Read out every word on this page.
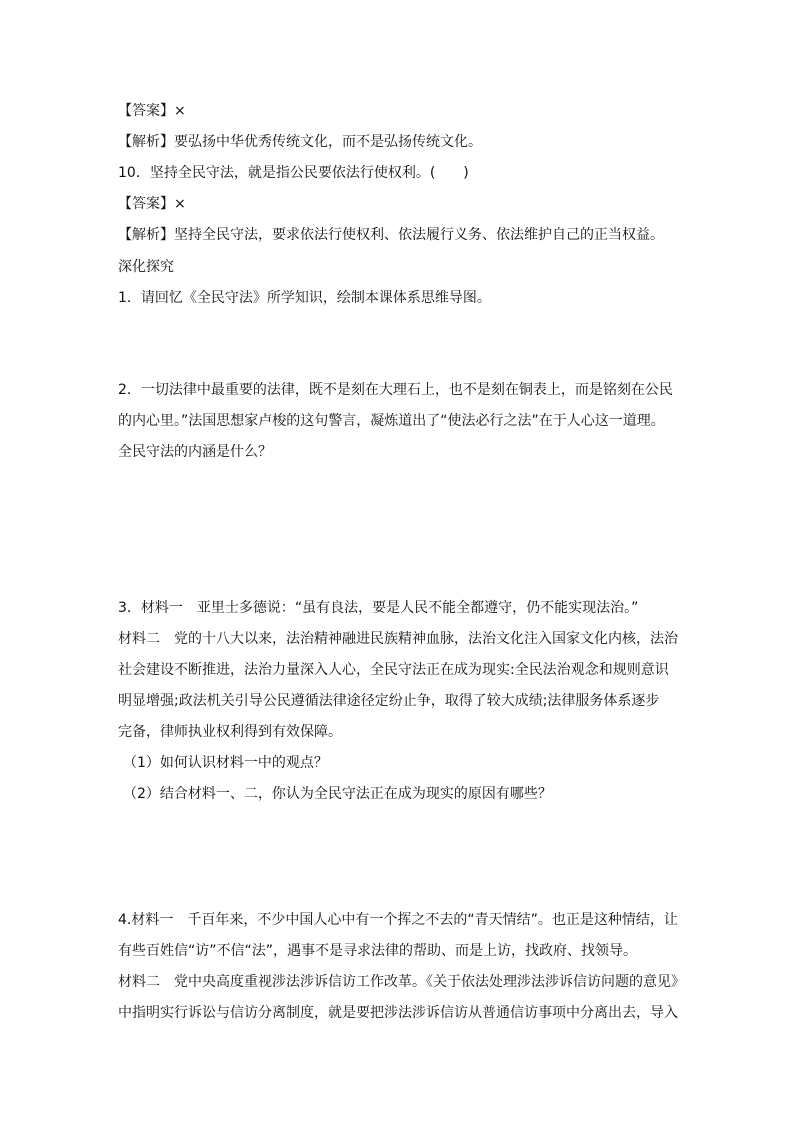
【答案】×

【解析】要弘扬中华优秀传统文化，而不是弘扬传统文化。

10．坚持全民守法，就是指公民要依法行使权利。(　　)

【答案】×

【解析】坚持全民守法，要求依法行使权利、依法履行义务、依法维护自己的正当权益。

深化探究

1．请回忆《全民守法》所学知识，绘制本课体系思维导图。

2．一切法律中最重要的法律，既不是刻在大理石上，也不是刻在铜表上，而是铭刻在公民

的内心里。”法国思想家卢梭的这句警言，凝炼道出了“使法必行之法”在于人心这一道理。

全民守法的内涵是什么？

3．材料一　亚里士多德说：“虽有良法，要是人民不能全都遵守，仍不能实现法治。”

材料二　党的十八大以来，法治精神融进民族精神血脉，法治文化注入国家文化内核，法治

社会建设不断推进，法治力量深入人心，全民守法正在成为现实:全民法治观念和规则意识

明显增强;政法机关引导公民遵循法律途径定纷止争，取得了较大成绩;法律服务体系逐步

完备，律师执业权利得到有效保障。

（1）如何认识材料一中的观点？

（2）结合材料一、二，你认为全民守法正在成为现实的原因有哪些？

4.材料一　千百年来，不少中国人心中有一个挥之不去的“青天情结”。也正是这种情结，让

有些百姓信“访”不信“法”，遇事不是寻求法律的帮助、而是上访，找政府、找领导。

材料二　党中央高度重视涉法涉诉信访工作改革。《关于依法处理涉法涉诉信访问题的意见》

中指明实行诉讼与信访分离制度，就是要把涉法涉诉信访从普通信访事项中分离出去，导入
